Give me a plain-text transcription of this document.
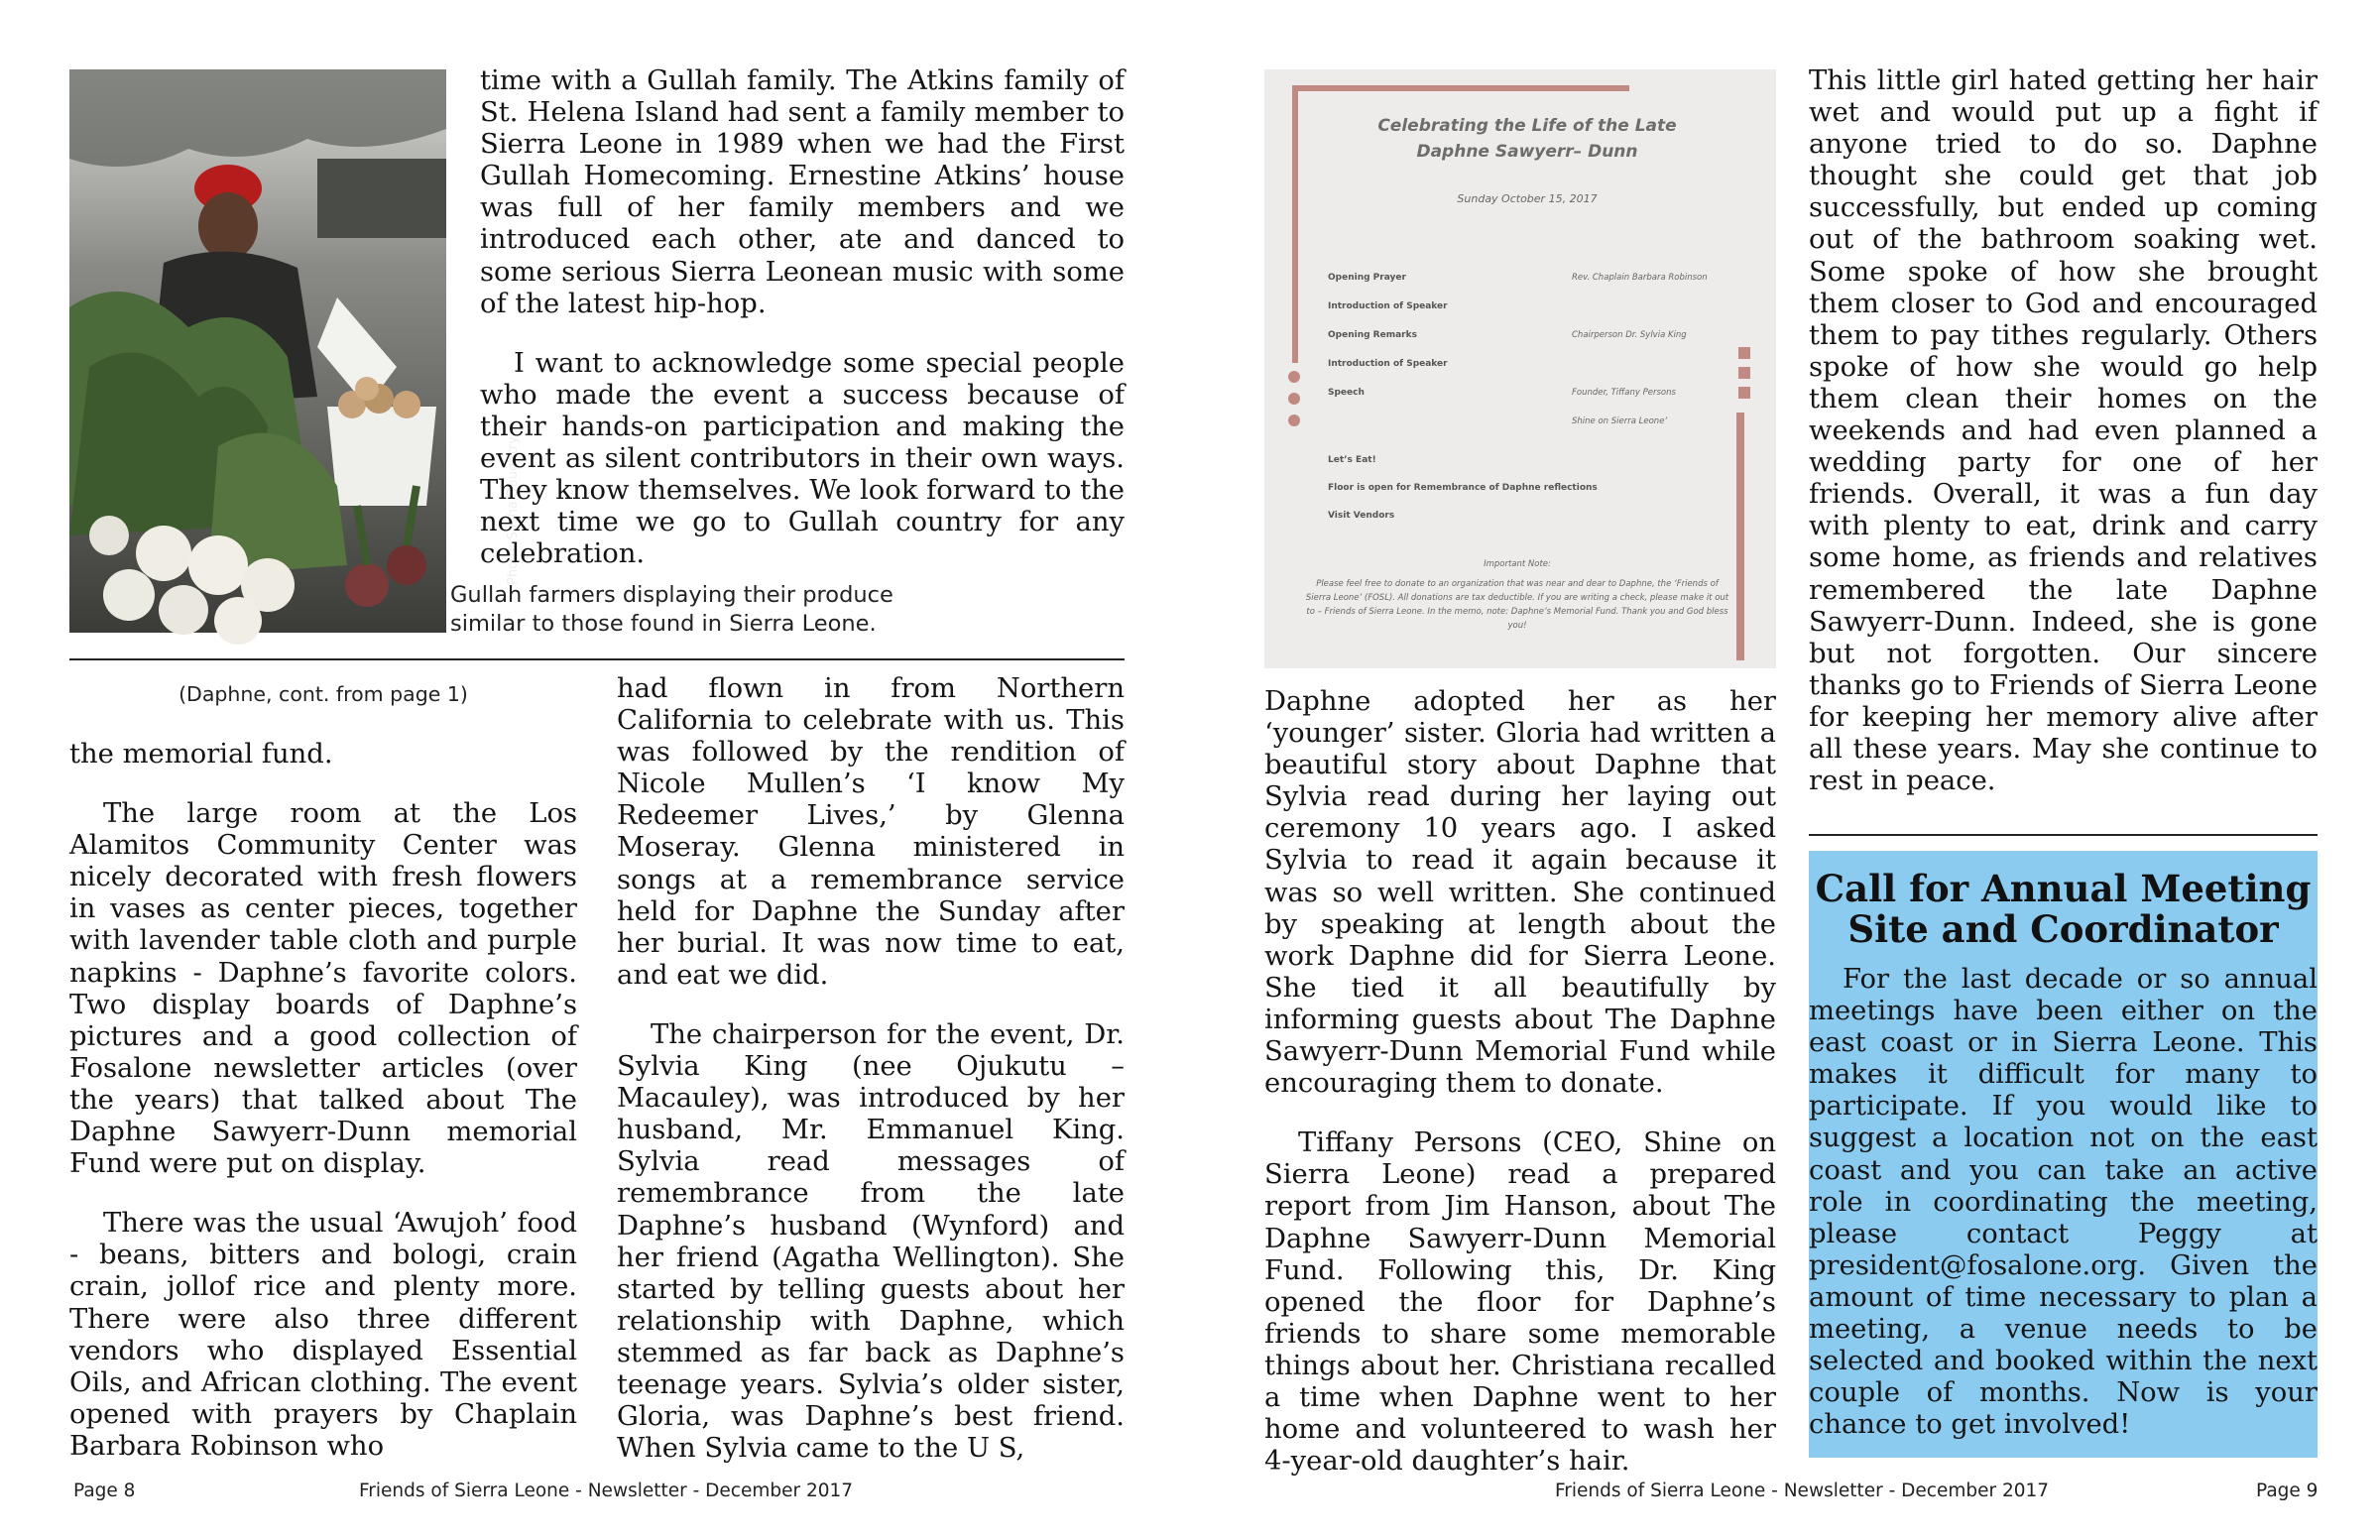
Photo: Sasha Daughtry

time with a Gullah family. The Atkins family of St. Helena Island had sent a family member to Sierra Leone in 1989 when we had the First Gullah Homecoming. Ernestine Atkins’ house was full of her family members and we introduced each other, ate and danced to some serious Sierra Leonean music with some of the latest hip-hop.

I want to acknowledge some special people who made the event a success because of their hands-on participation and making the event as silent contributors in their own ways. They know themselves. We look forward to the next time we go to Gullah country for any celebration.

Gullah farmers displaying their produce similar to those found in Sierra Leone.
(Daphne, cont. from page 1)

the memorial fund.

The large room at the Los Alamitos Community Center was nicely decorated with fresh flowers in vases as center pieces, together with lavender table cloth and purple napkins - Daphne’s favorite colors. Two display boards of Daphne’s pictures and a good collection of Fosalone newsletter articles (over the years) that talked about The Daphne Sawyerr-Dunn memorial Fund were put on display.

There was the usual ‘Awujoh’ food - beans, bitters and bologi, crain crain, jollof rice and plenty more. There were also three different vendors who displayed Essential Oils, and African clothing. The event opened with prayers by Chaplain Barbara Robinson who

had flown in from Northern California to celebrate with us. This was followed by the rendition of Nicole Mullen’s ‘I know My Redeemer Lives,’ by Glenna Moseray. Glenna ministered in songs at a remembrance service held for Daphne the Sunday after her burial. It was now time to eat, and eat we did.

The chairperson for the event, Dr. Sylvia King (nee Ojukutu –Macauley), was introduced by her husband, Mr. Emmanuel King. Sylvia read messages of remembrance from the late Daphne’s husband (Wynford) and her friend (Agatha Wellington). She started by telling guests about her relationship with Daphne, which stemmed as far back as Daphne’s teenage years. Sylvia’s older sister, Gloria, was Daphne’s best friend. When Sylvia came to the U S,

Page 8	Friends of Sierra Leone - Newsletter - December 2017
Celebrating the Life of the Late
Daphne Sawyerr– Dunn
Sunday October 15, 2017
Opening Prayer
Introduction of Speaker
Opening Remarks
Introduction of Speaker
Speech
Rev. Chaplain Barbara Robinson
Chairperson Dr. Sylvia King
Founder, Tiffany Persons
Shine on Sierra Leone’
Let’s Eat!
Floor is open for Remembrance of Daphne reflections
Visit Vendors
Important Note:
Please feel free to donate to an organization that was near and dear to Daphne, the ‘Friends of Sierra Leone’ (FOSL). All donations are tax deductible. If you are writing a check, please make it out to – Friends of Sierra Leone. In the memo, note: Daphne’s Memorial Fund. Thank you and God bless you!

Daphne adopted her as her ‘younger’ sister. Gloria had written a beautiful story about Daphne that Sylvia read during her laying out ceremony 10 years ago. I asked Sylvia to read it again because it was so well written. She continued by speaking at length about the work Daphne did for Sierra Leone. She tied it all beautifully by informing guests about The Daphne Sawyerr-Dunn Memorial Fund while encouraging them to donate.

Tiffany Persons (CEO, Shine on Sierra Leone) read a prepared report from Jim Hanson, about The Daphne Sawyerr-Dunn Memorial Fund. Following this, Dr. King opened the floor for Daphne’s friends to share some memorable things about her. Christiana recalled a time when Daphne went to her home and volunteered to wash her 4-year-old daughter’s hair.

This little girl hated getting her hair wet and would put up a fight if anyone tried to do so. Daphne thought she could get that job successfully, but ended up coming out of the bathroom soaking wet. Some spoke of how she brought them closer to God and encouraged them to pay tithes regularly. Others spoke of how she would go help them clean their homes on the weekends and had even planned a wedding party for one of her friends. Overall, it was a fun day with plenty to eat, drink and carry some home, as friends and relatives remembered the late Daphne Sawyerr-Dunn. Indeed, she is gone but not forgotten. Our sincere thanks go to Friends of Sierra Leone for keeping her memory alive after all these years. May she continue to rest in peace.

Call for Annual Meeting
Site and Coordinator

For the last decade or so annual meetings have been either on the east coast or in Sierra Leone. This makes it difficult for many to participate. If you would like to suggest a location not on the east coast and you can take an active role in coordinating the meeting, please contact Peggy at president@fosalone.org. Given the amount of time necessary to plan a meeting, a venue needs to be selected and booked within the next couple of months. Now is your chance to get involved!

Friends of Sierra Leone - Newsletter - December 2017	Page 9
